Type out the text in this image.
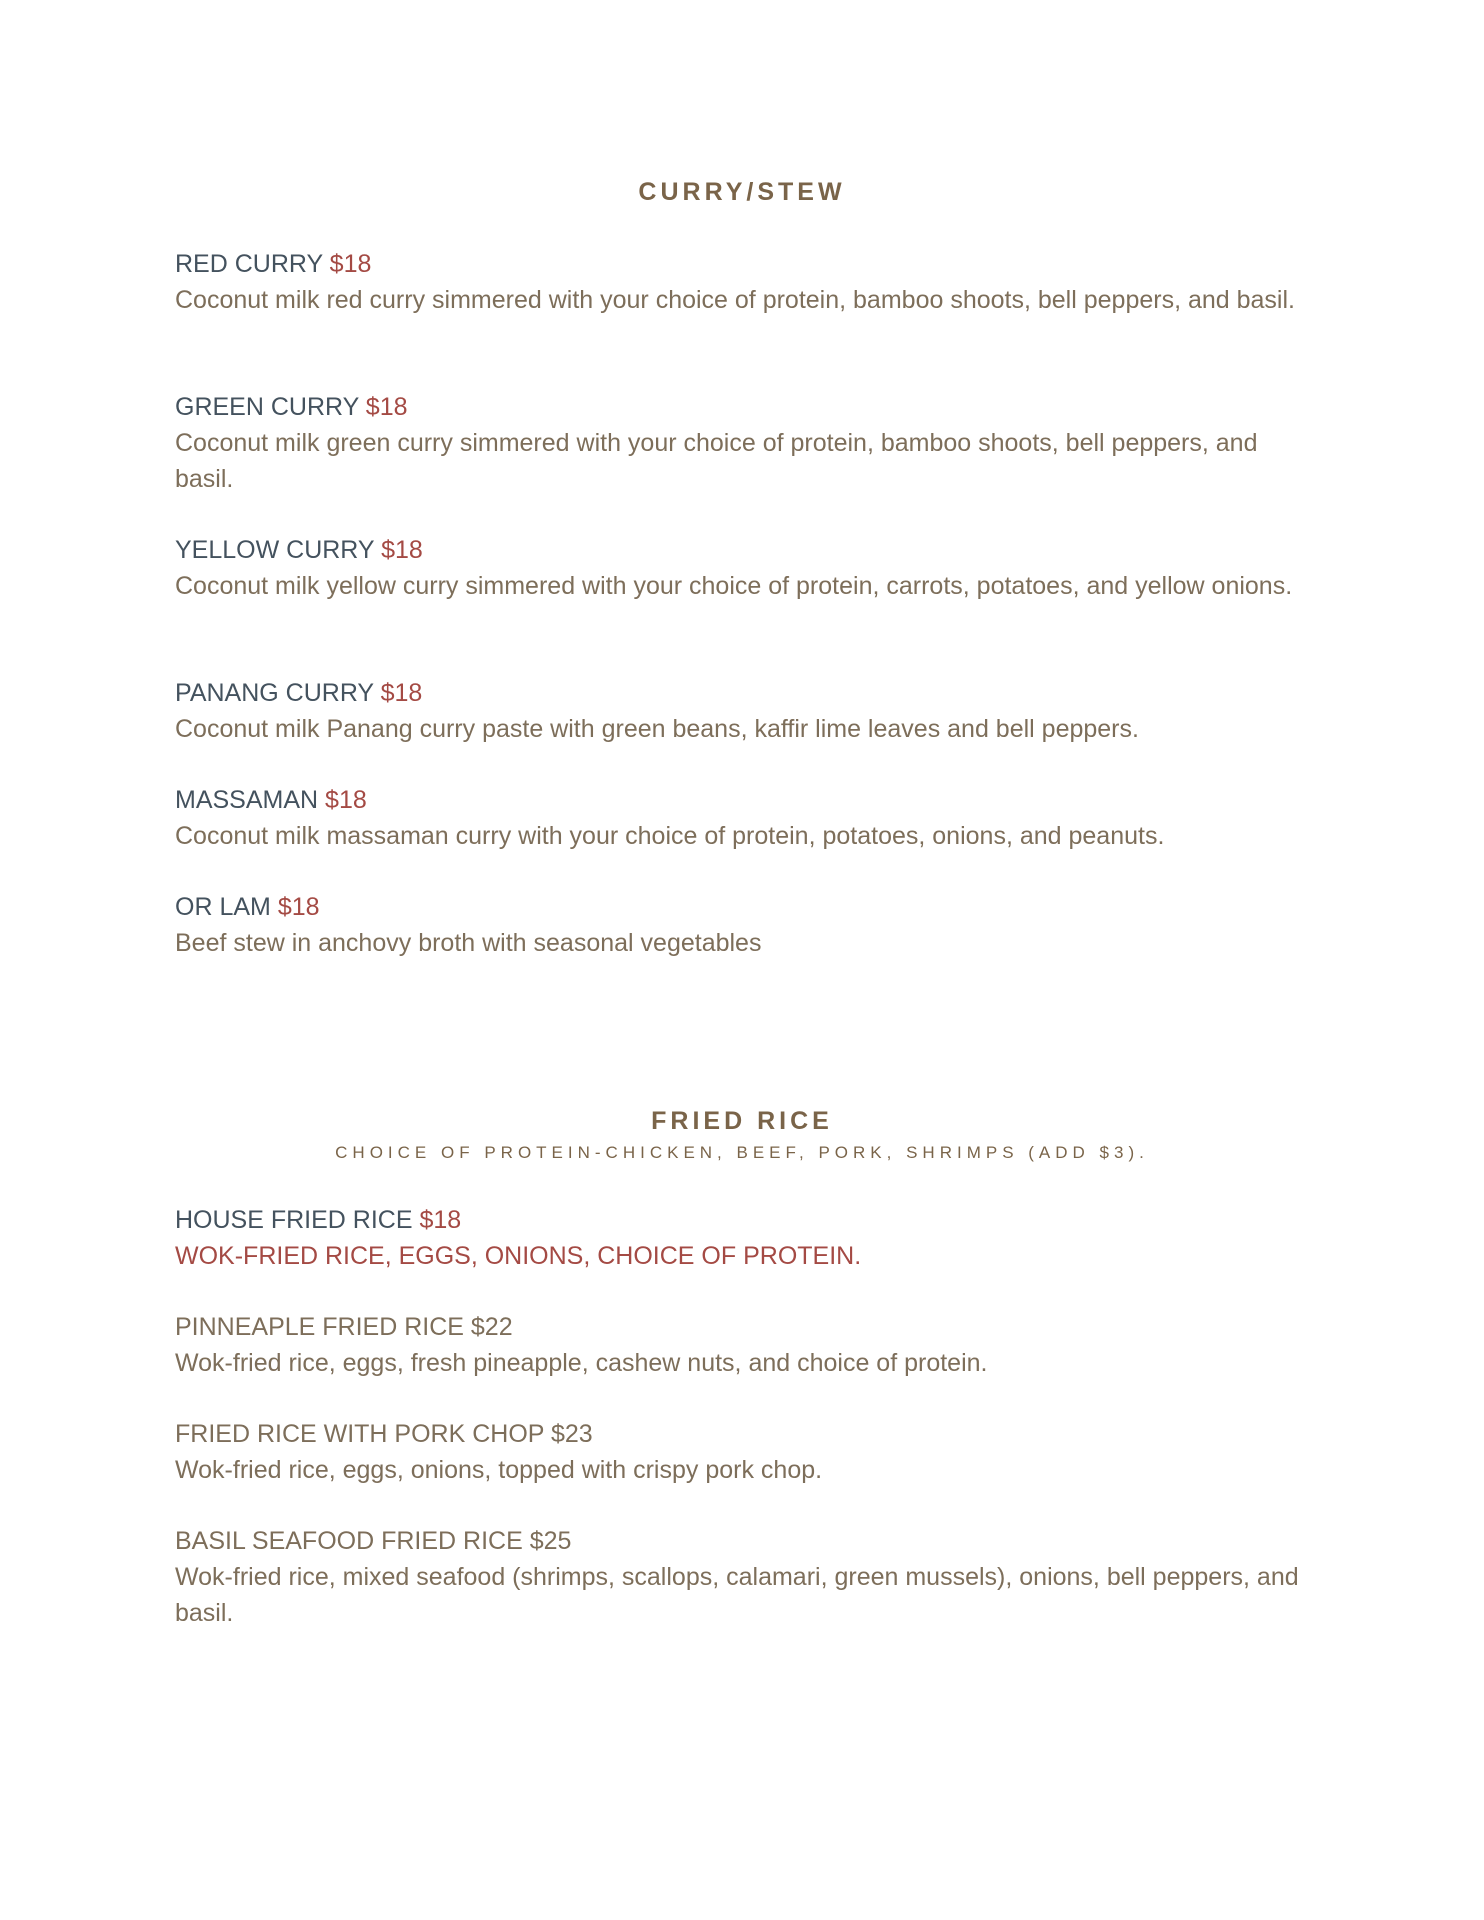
CURRY/STEW
RED CURRY $18
Coconut milk red curry simmered with your choice of protein, bamboo shoots, bell peppers, and basil.
GREEN CURRY $18
Coconut milk green curry simmered with your choice of protein, bamboo shoots, bell peppers, and basil.
YELLOW CURRY $18
Coconut milk yellow curry simmered with your choice of protein, carrots, potatoes, and yellow onions.
PANANG CURRY $18
Coconut milk Panang curry paste with green beans, kaffir lime leaves and bell peppers.
MASSAMAN $18
Coconut milk massaman curry with your choice of protein, potatoes, onions, and peanuts.
OR LAM $18
Beef stew in anchovy broth with seasonal vegetables
FRIED RICE
CHOICE OF PROTEIN-CHICKEN, BEEF, PORK, SHRIMPS (ADD $3).
HOUSE FRIED RICE $18
WOK-FRIED RICE, EGGS, ONIONS, CHOICE OF PROTEIN.
PINNEAPLE FRIED RICE $22
Wok-fried rice, eggs, fresh pineapple, cashew nuts, and choice of protein.
FRIED RICE WITH PORK CHOP $23
Wok-fried rice, eggs, onions, topped with crispy pork chop.
BASIL SEAFOOD FRIED RICE $25
Wok-fried rice, mixed seafood (shrimps, scallops, calamari, green mussels), onions, bell peppers, and basil.
